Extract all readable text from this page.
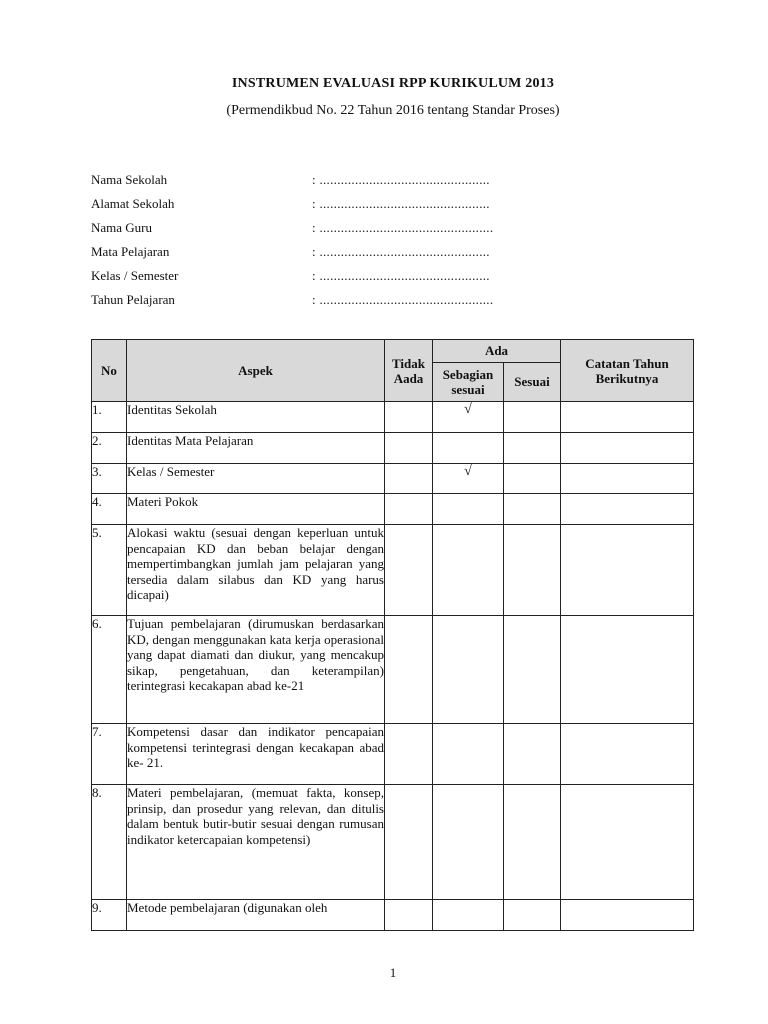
INSTRUMEN EVALUASI RPP KURIKULUM 2013
(Permendikbud No. 22 Tahun 2016 tentang Standar Proses)
Nama Sekolah	: ................................................
Alamat Sekolah	: ................................................
Nama Guru	: .................................................
Mata Pelajaran	: ................................................
Kelas / Semester	: ................................................
Tahun Pelajaran	: .................................................
No	Aspek	Tidak Aada	Ada		Catatan Tahun Berikutnya
			Sebagian sesuai	Sesuai	
1.	Identitas Sekolah		√		
2.	Identitas Mata Pelajaran				
3.	Kelas / Semester		√		
4.	Materi Pokok				
5.	Alokasi waktu (sesuai dengan keperluan untuk pencapaian KD dan beban belajar dengan mempertimbangkan jumlah jam pelajaran yang tersedia dalam silabus dan KD yang harus dicapai)				
6.	Tujuan pembelajaran (dirumuskan berdasarkan KD, dengan menggunakan kata kerja operasional yang dapat diamati dan diukur, yang mencakup sikap, pengetahuan, dan keterampilan) terintegrasi kecakapan abad ke-21				
7.	Kompetensi dasar dan indikator pencapaian kompetensi terintegrasi dengan kecakapan abad ke- 21.				
8.	Materi pembelajaran, (memuat fakta, konsep, prinsip, dan prosedur yang relevan, dan ditulis dalam bentuk butir-butir sesuai dengan rumusan indikator ketercapaian kompetensi)				
9.	Metode pembelajaran (digunakan oleh				
1
